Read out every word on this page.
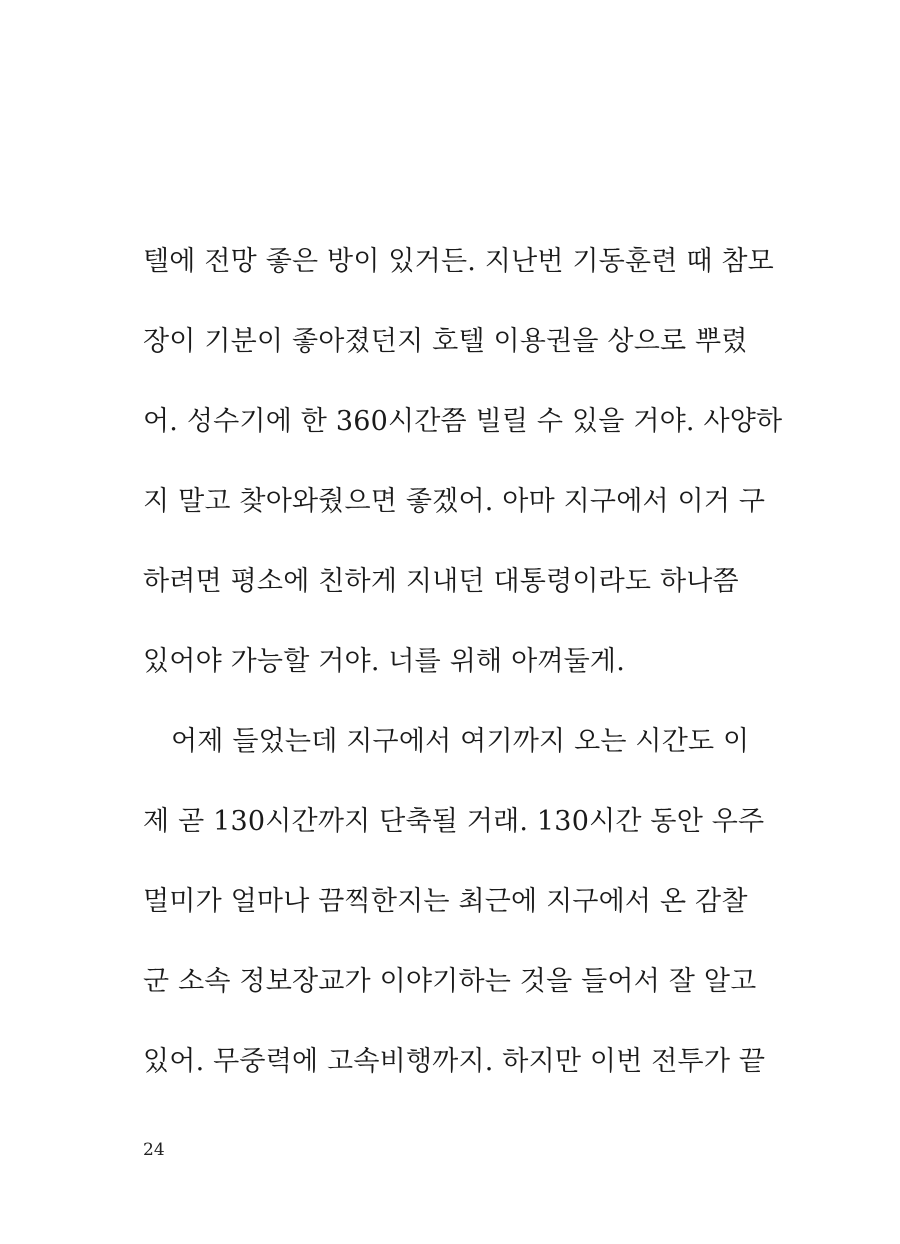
텔에 전망 좋은 방이 있거든. 지난번 기동훈련 때 참모
장이 기분이 좋아졌던지 호텔 이용권을 상으로 뿌렸
어. 성수기에 한 360시간쯤 빌릴 수 있을 거야. 사양하
지 말고 찾아와줬으면 좋겠어. 아마 지구에서 이거 구
하려면 평소에 친하게 지내던 대통령이라도 하나쯤
있어야 가능할 거야. 너를 위해 아껴둘게.
어제 들었는데 지구에서 여기까지 오는 시간도 이
제 곧 130시간까지 단축될 거래. 130시간 동안 우주
멀미가 얼마나 끔찍한지는 최근에 지구에서 온 감찰
군 소속 정보장교가 이야기하는 것을 들어서 잘 알고
있어. 무중력에 고속비행까지. 하지만 이번 전투가 끝
24
